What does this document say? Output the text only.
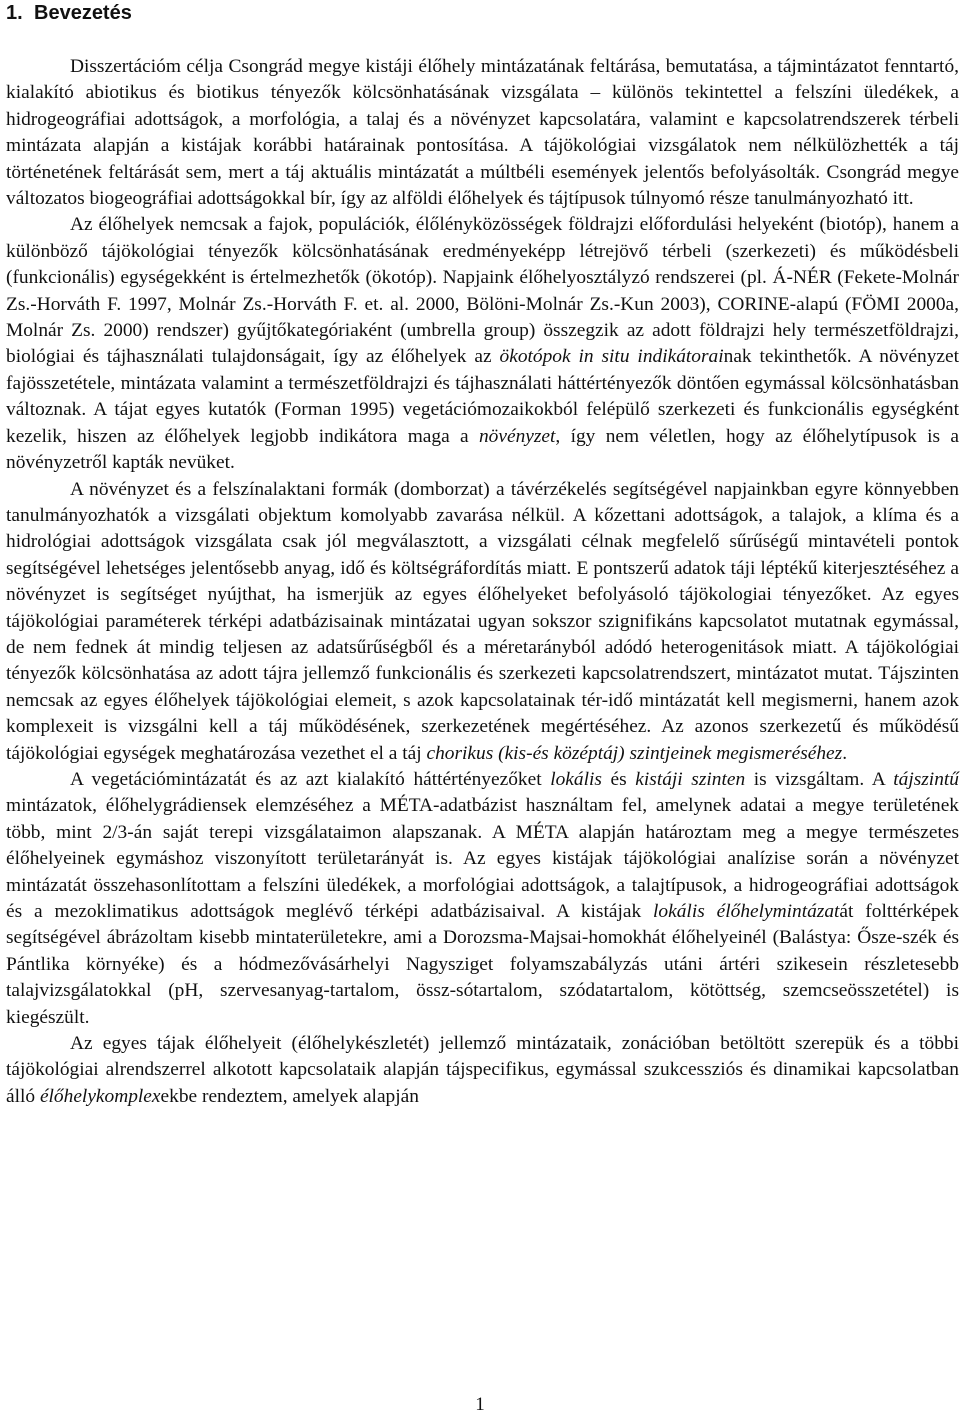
1. Bevezetés

Disszertációm célja Csongrád megye kistáji élőhely mintázatának feltárása, bemutatása, a tájmintázatot fenntartó, kialakító abiotikus és biotikus tényezők kölcsönhatásának vizsgálata – különös tekintettel a felszíni üledékek, a hidrogeográfiai adottságok, a morfológia, a talaj és a növényzet kapcsolatára, valamint e kapcsolatrendszerek térbeli mintázata alapján a kistájak korábbi határainak pontosítása. A tájökológiai vizsgálatok nem nélkülözhették a táj történetének feltárását sem, mert a táj aktuális mintázatát a múltbéli események jelentős befolyásolták. Csongrád megye változatos biogeográfiai adottságokkal bír, így az alföldi élőhelyek és tájtípusok túlnyomó része tanulmányozható itt.

Az élőhelyek nemcsak a fajok, populációk, élőlényközösségek földrajzi előfordulási helyeként (biotóp), hanem a különböző tájökológiai tényezők kölcsönhatásának eredményeképp létrejövő térbeli (szerkezeti) és működésbeli (funkcionális) egységekként is értelmezhetők (ökotóp). Napjaink élőhelyosztályzó rendszerei (pl. Á-NÉR (Fekete-Molnár Zs.-Horváth F. 1997, Molnár Zs.-Horváth F. et. al. 2000, Bölöni-Molnár Zs.-Kun 2003), CORINE-alapú (FÖMI 2000a, Molnár Zs. 2000) rendszer) gyűjtőkategóriaként (umbrella group) összegzik az adott földrajzi hely természetföldrajzi, biológiai és tájhasználati tulajdonságait, így az élőhelyek az ökotópok in situ indikátorainak tekinthetők. A növényzet fajösszetétele, mintázata valamint a természetföldrajzi és tájhasználati háttértényezők döntően egymással kölcsönhatásban változnak. A tájat egyes kutatók (Forman 1995) vegetációmozaikokból felépülő szerkezeti és funkcionális egységként kezelik, hiszen az élőhelyek legjobb indikátora maga a növényzet, így nem véletlen, hogy az élőhelytípusok is a növényzetről kapták nevüket.

A növényzet és a felszínalaktani formák (domborzat) a távérzékelés segítségével napjainkban egyre könnyebben tanulmányozhatók a vizsgálati objektum komolyabb zavarása nélkül. A kőzettani adottságok, a talajok, a klíma és a hidrológiai adottságok vizsgálata csak jól megválasztott, a vizsgálati célnak megfelelő sűrűségű mintavételi pontok segítségével lehetséges jelentősebb anyag, idő és költségráfordítás miatt. E pontszerű adatok táji léptékű kiterjesztéséhez a növényzet is segítséget nyújthat, ha ismerjük az egyes élőhelyeket befolyásoló tájökologiai tényezőket. Az egyes tájökológiai paraméterek térképi adatbázisainak mintázatai ugyan sokszor szignifikáns kapcsolatot mutatnak egymással, de nem fednek át mindig teljesen az adatsűrűségből és a méretarányból adódó heterogenitások miatt. A tájökológiai tényezők kölcsönhatása az adott tájra jellemző funkcionális és szerkezeti kapcsolatrendszert, mintázatot mutat. Tájszinten nemcsak az egyes élőhelyek tájökológiai elemeit, s azok kapcsolatainak tér-idő mintázatát kell megismerni, hanem azok komplexeit is vizsgálni kell a táj működésének, szerkezetének megértéséhez. Az azonos szerkezetű és működésű tájökológiai egységek meghatározása vezethet el a táj chorikus (kis-és középtáj) szintjeinek megismeréséhez.

A vegetációmintázatát és az azt kialakító háttértényezőket lokális és kistáji szinten is vizsgáltam. A tájszintű mintázatok, élőhelygrádiensek elemzéséhez a MÉTA-adatbázist használtam fel, amelynek adatai a megye területének több, mint 2/3-án saját terepi vizsgálataimon alapszanak. A MÉTA alapján határoztam meg a megye természetes élőhelyeinek egymáshoz viszonyított területarányát is. Az egyes kistájak tájökológiai analízise során a növényzet mintázatát összehasonlítottam a felszíni üledékek, a morfológiai adottságok, a talajtípusok, a hidrogeográfiai adottságok és a mezoklimatikus adottságok meglévő térképi adatbázisaival. A kistájak lokális élőhelymintázatát folttérképek segítségével ábrázoltam kisebb mintaterületekre, ami a Dorozsma-Majsai-homokhát élőhelyeinél (Balástya: Ősze-szék és Pántlika környéke) és a hódmezővásárhelyi Nagysziget folyamszabályzás utáni ártéri szikesein részletesebb talajvizsgálatokkal (pH, szervesanyag-tartalom, össz-sótartalom, szódatartalom, kötöttség, szemcseösszetétel) is kiegészült.

Az egyes tájak élőhelyeit (élőhelykészletét) jellemző mintázataik, zonációban betöltött szerepük és a többi tájökológiai alrendszerrel alkotott kapcsolataik alapján tájspecifikus, egymással szukcessziós és dinamikai kapcsolatban álló élőhelykomplexekbe rendeztem, amelyek alapján

1
